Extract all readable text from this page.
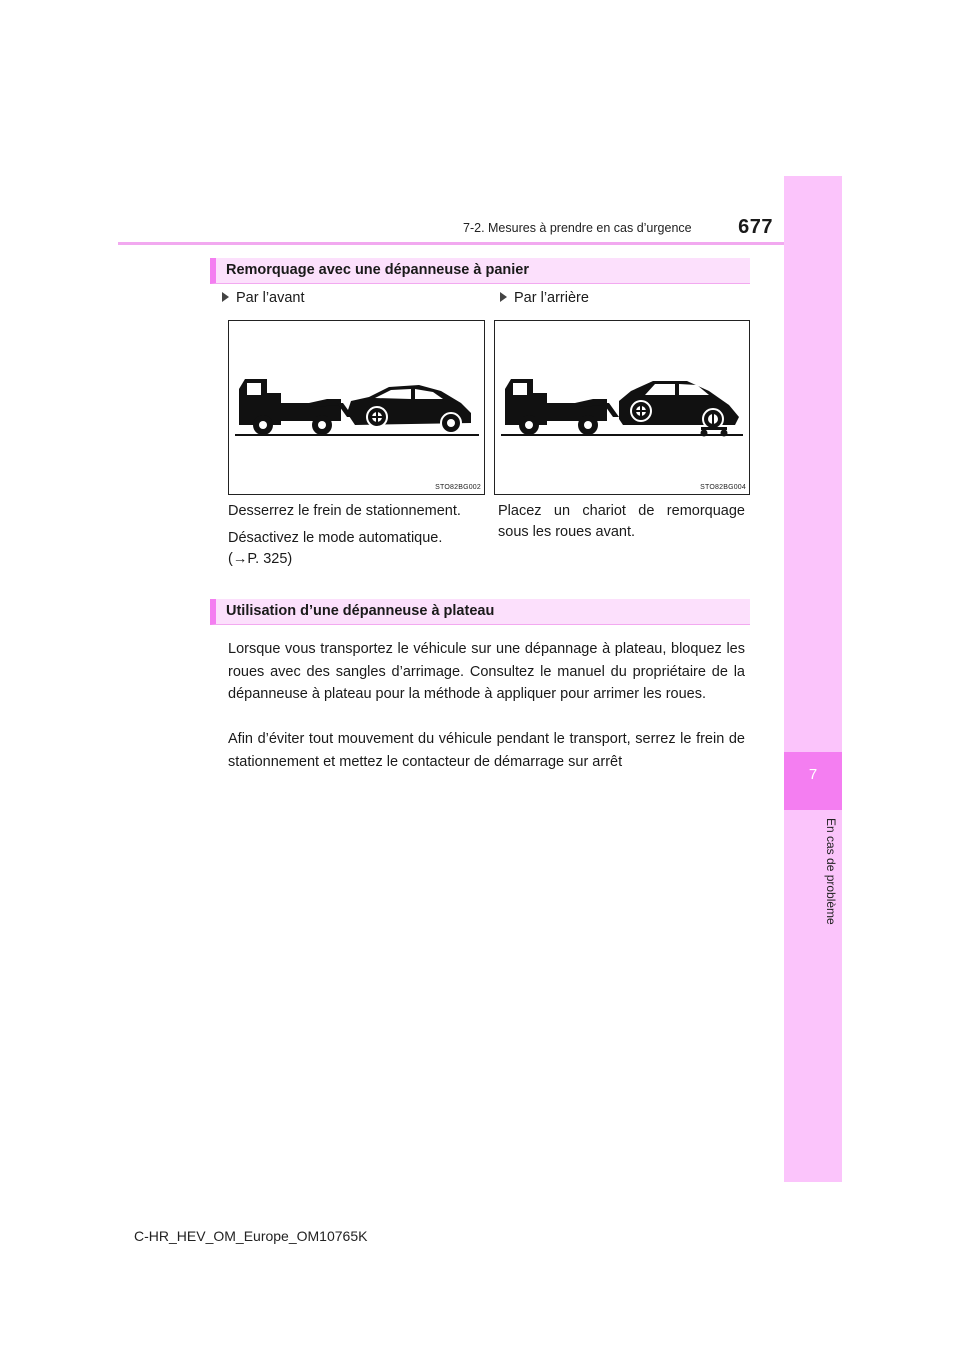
7-2. Mesures à prendre en cas d’urgence 677
7
En cas de problème
Remorquage avec une dépanneuse à panier
Par l’avant	Par l’arrière
STO82BG002	STO82BG004
Desserrez le frein de stationnement.
Désactivez le mode automatique.
(→P. 325)
Placez un chariot de remorquage sous les roues avant.
Utilisation d’une dépanneuse à plateau
Lorsque vous transportez le véhicule sur une dépannage à plateau, bloquez les roues avec des sangles d’arrimage. Consultez le manuel du propriétaire de la dépanneuse à plateau pour la méthode à appliquer pour arrimer les roues.
Afin d’éviter tout mouvement du véhicule pendant le transport, serrez le frein de stationnement et mettez le contacteur de démarrage sur arrêt
C-HR_HEV_OM_Europe_OM10765K
